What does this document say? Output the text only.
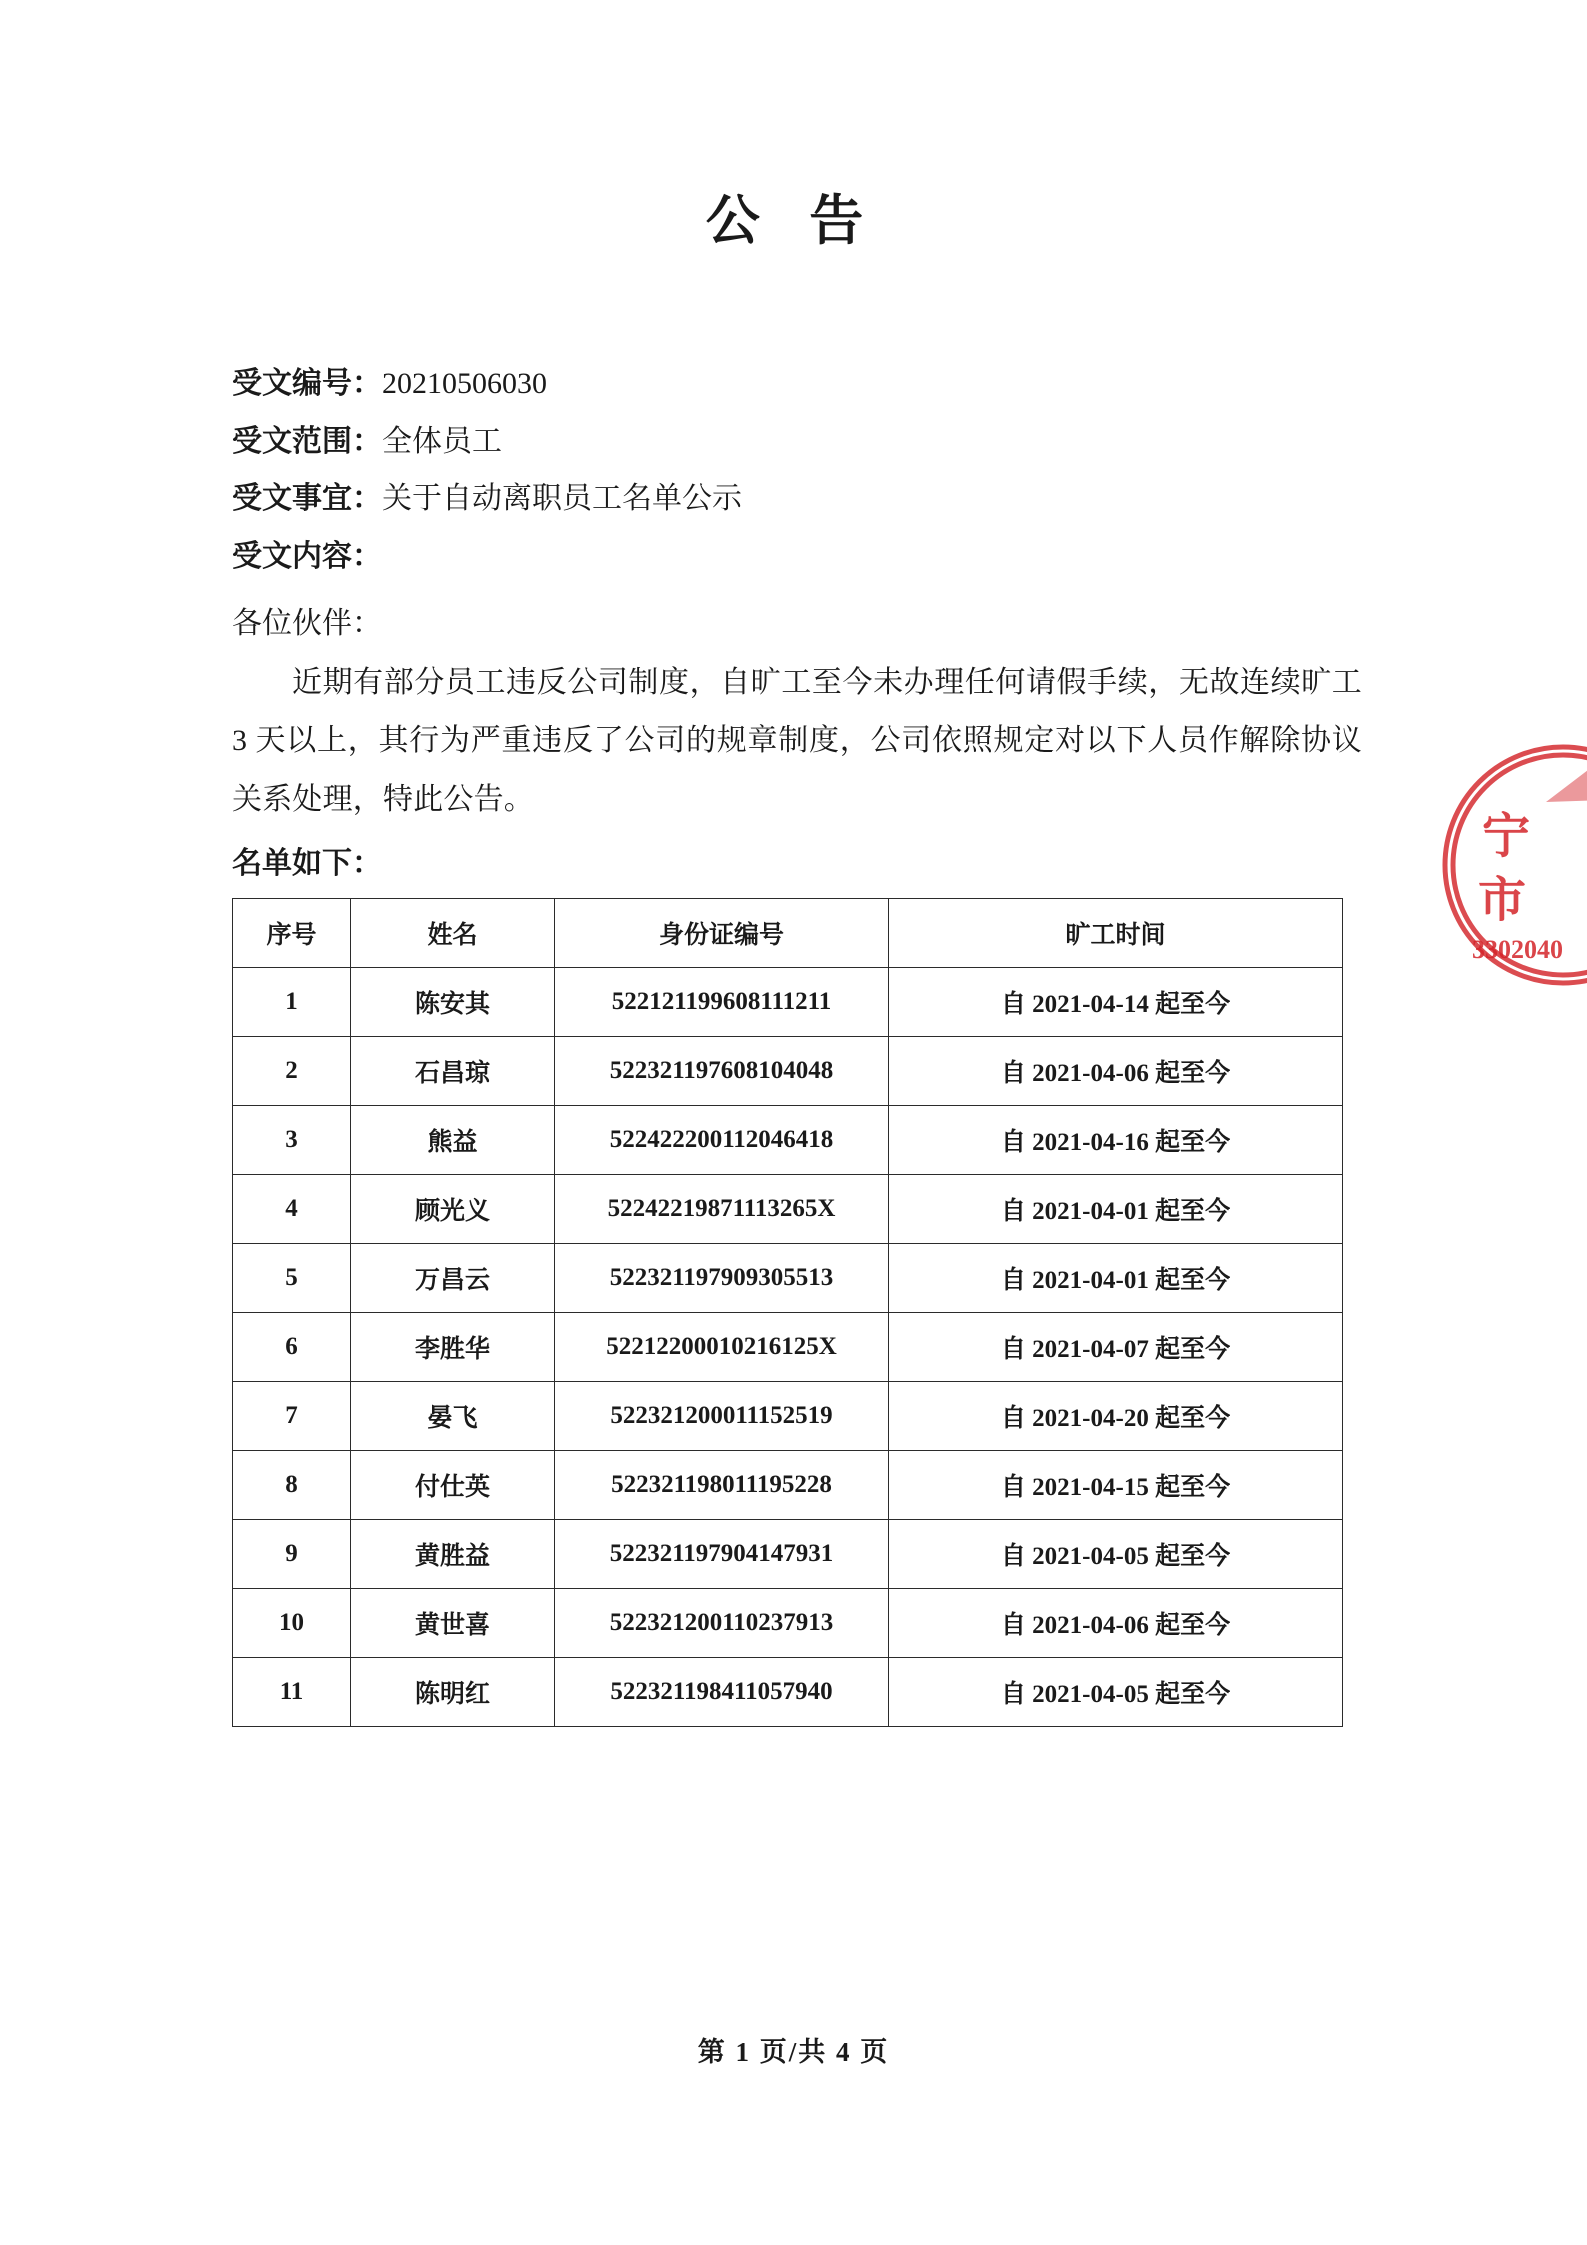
公 告

受文编号：20210506030

受文范围：全体员工

受文事宜：关于自动离职员工名单公示

受文内容：

各位伙伴：

近期有部分员工违反公司制度，自旷工至今未办理任何请假手续，无故连续旷工 3 天以上，其行为严重违反了公司的规章制度，公司依照规定对以下人员作解除协议关系处理，特此公告。

名单如下：

序号	姓名	身份证编号	旷工时间
1	陈安其	522121199608111211	自 2021-04-14 起至今
2	石昌琼	522321197608104048	自 2021-04-06 起至今
3	熊益	522422200112046418	自 2021-04-16 起至今
4	顾光义	52242219871113265X	自 2021-04-01 起至今
5	万昌云	522321197909305513	自 2021-04-01 起至今
6	李胜华	52212200010216125X	自 2021-04-07 起至今
7	晏飞	522321200011152519	自 2021-04-20 起至今
8	付仕英	522321198011195228	自 2021-04-15 起至今
9	黄胜益	522321197904147931	自 2021-04-05 起至今
10	黄世喜	522321200110237913	自 2021-04-06 起至今
11	陈明红	522321198411057940	自 2021-04-05 起至今
宁
市
3302040
第 1 页/共 4 页
